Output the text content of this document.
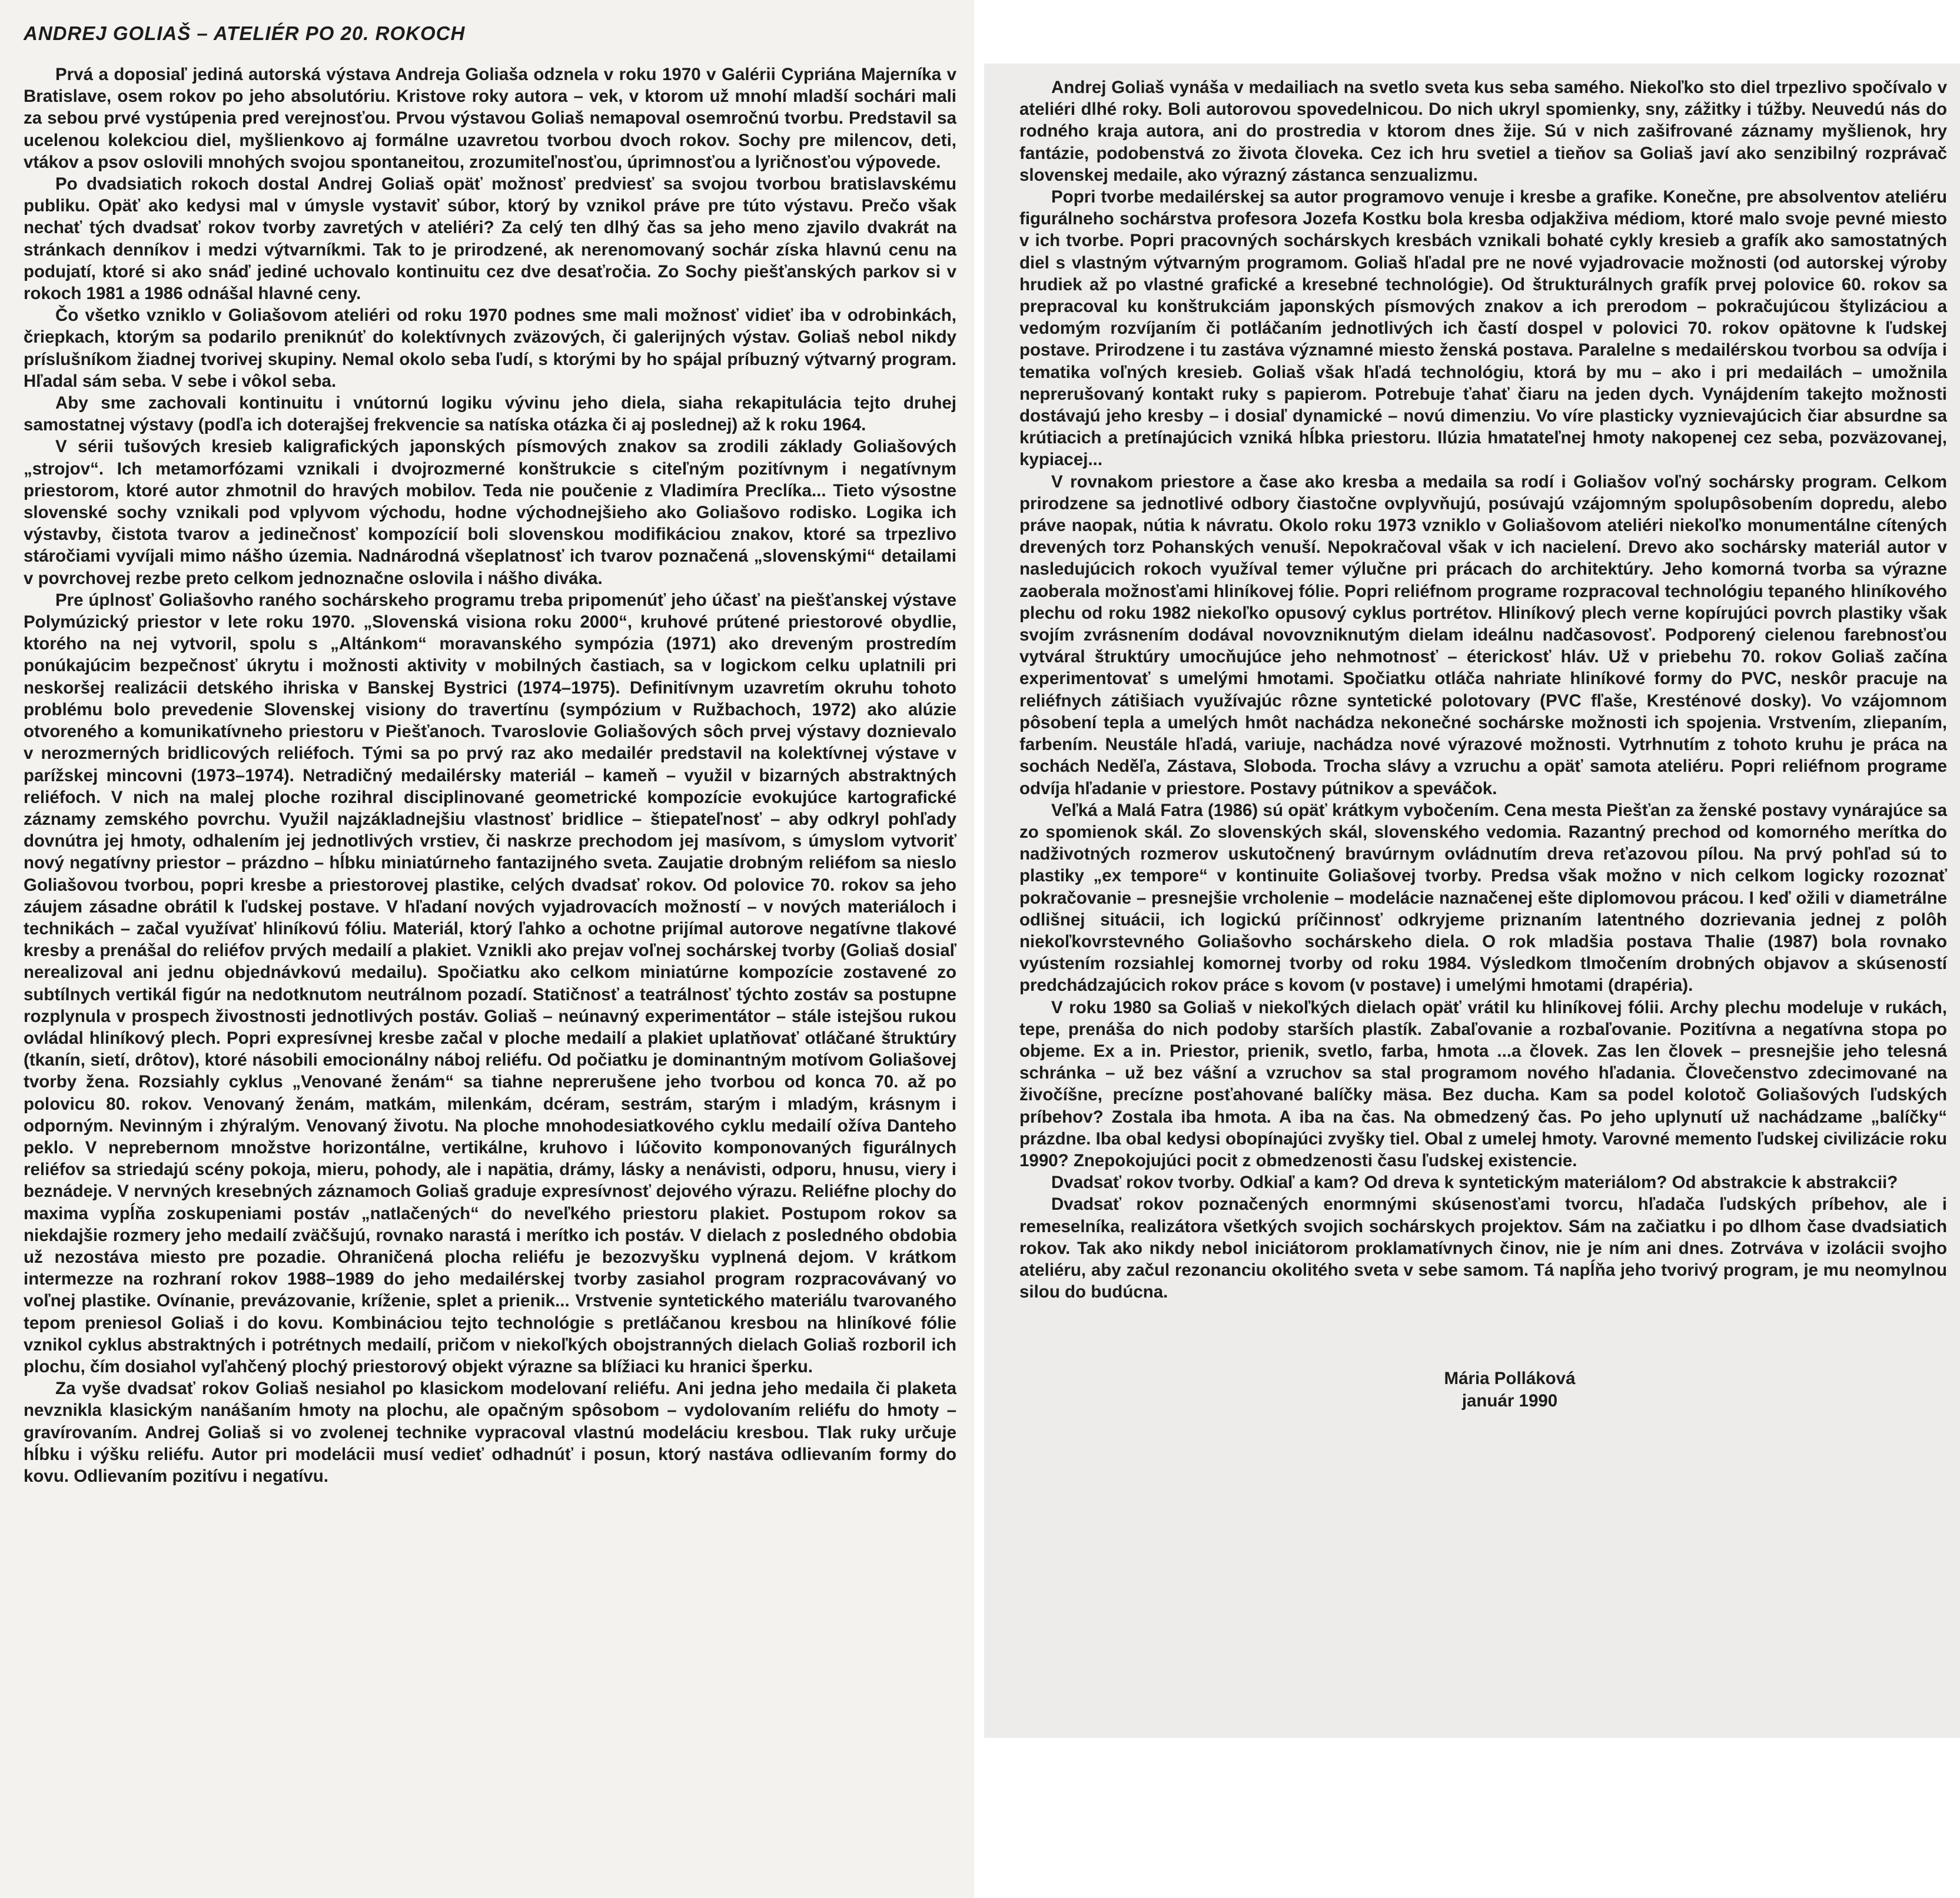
ANDREJ GOLIAŠ – ATELIÉR PO 20. ROKOCH

Prvá a doposiaľ jediná autorská výstava Andreja Goliaša odznela v roku 1970 v Galérii Cypriána Majerníka v Bratislave, osem rokov po jeho absolutóriu. Kristove roky autora – vek, v ktorom už mnohí mladší sochári mali za sebou prvé vystúpenia pred verejnosťou. Prvou výstavou Goliaš nemapoval osemročnú tvorbu. Predstavil sa ucelenou kolekciou diel, myšlienkovo aj formálne uzavretou tvorbou dvoch rokov. Sochy pre milencov, deti, vtákov a psov oslovili mnohých svojou spontaneitou, zrozumiteľnosťou, úprimnosťou a lyričnosťou výpovede.

Po dvadsiatich rokoch dostal Andrej Goliaš opäť možnosť predviesť sa svojou tvorbou bratislavskému publiku. Opäť ako kedysi mal v úmysle vystaviť súbor, ktorý by vznikol práve pre túto výstavu. Prečo však nechať tých dvadsať rokov tvorby zavretých v ateliéri? Za celý ten dlhý čas sa jeho meno zjavilo dvakrát na stránkach denníkov i medzi výtvarníkmi. Tak to je prirodzené, ak nerenomovaný sochár získa hlavnú cenu na podujatí, ktoré si ako snáď jediné uchovalo kontinuitu cez dve desaťročia. Zo Sochy piešťanských parkov si v rokoch 1981 a 1986 odnášal hlavné ceny.

Čo všetko vzniklo v Goliašovom ateliéri od roku 1970 podnes sme mali možnosť vidieť iba v odrobinkách, čriepkach, ktorým sa podarilo preniknúť do kolektívnych zväzových, či galerijných výstav. Goliaš nebol nikdy príslušníkom žiadnej tvorivej skupiny. Nemal okolo seba ľudí, s ktorými by ho spájal príbuzný výtvarný program. Hľadal sám seba. V sebe i vôkol seba.

Aby sme zachovali kontinuitu i vnútornú logiku vývinu jeho diela, siaha rekapitulácia tejto druhej samostatnej výstavy (podľa ich doterajšej frekvencie sa natíska otázka či aj poslednej) až k roku 1964.

V sérii tušových kresieb kaligrafických japonských písmových znakov sa zrodili základy Goliašových „strojov“. Ich metamorfózami vznikali i dvojrozmerné konštrukcie s citeľným pozitívnym i negatívnym priestorom, ktoré autor zhmotnil do hravých mobilov. Teda nie poučenie z Vladimíra Preclíka... Tieto výsostne slovenské sochy vznikali pod vplyvom východu, hodne východnejšieho ako Goliašovo rodisko. Logika ich výstavby, čistota tvarov a jedinečnosť kompozícií boli slovenskou modifikáciou znakov, ktoré sa trpezlivo stáročiami vyvíjali mimo nášho územia. Nadnárodná všeplatnosť ich tvarov poznačená „slovenskými“ detailami v povrchovej rezbe preto celkom jednoznačne oslovila i nášho diváka.

Pre úplnosť Goliašovho raného sochárskeho programu treba pripomenúť jeho účasť na piešťanskej výstave Polymúzický priestor v lete roku 1970. „Slovenská visiona roku 2000“, kruhové prútené priestorové obydlie, ktorého na nej vytvoril, spolu s „Altánkom“ moravanského sympózia (1971) ako dreveným prostredím ponúkajúcim bezpečnosť úkrytu i možnosti aktivity v mobilných častiach, sa v logickom celku uplatnili pri neskoršej realizácii detského ihriska v Banskej Bystrici (1974–1975). Definitívnym uzavretím okruhu tohoto problému bolo prevedenie Slovenskej visiony do travertínu (sympózium v Ružbachoch, 1972) ako alúzie otvoreného a komunikatívneho priestoru v Piešťanoch. Tvaroslovie Goliašových sôch prvej výstavy doznievalo v nerozmerných bridlicových reliéfoch. Tými sa po prvý raz ako medailér predstavil na kolektívnej výstave v parížskej mincovni (1973–1974). Netradičný medailérsky materiál – kameň – využil v bizarných abstraktných reliéfoch. V nich na malej ploche rozihral disciplinované geometrické kompozície evokujúce kartografické záznamy zemského povrchu. Využil najzákladnejšiu vlastnosť bridlice – štiepateľnosť – aby odkryl pohľady dovnútra jej hmoty, odhalením jej jednotlivých vrstiev, či naskrze prechodom jej masívom, s úmyslom vytvoriť nový negatívny priestor – prázdno – hĺbku miniatúrneho fantazijného sveta. Zaujatie drobným reliéfom sa nieslo Goliašovou tvorbou, popri kresbe a priestorovej plastike, celých dvadsať rokov. Od polovice 70. rokov sa jeho záujem zásadne obrátil k ľudskej postave. V hľadaní nových vyjadrovacích možností – v nových materiáloch i technikách – začal využívať hliníkovú fóliu. Materiál, ktorý ľahko a ochotne prijímal autorove negatívne tlakové kresby a prenášal do reliéfov prvých medailí a plakiet. Vznikli ako prejav voľnej sochárskej tvorby (Goliaš dosiaľ nerealizoval ani jednu objednávkovú medailu). Spočiatku ako celkom miniatúrne kompozície zostavené zo subtílnych vertikál figúr na nedotknutom neutrálnom pozadí. Statičnosť a teatrálnosť týchto zostáv sa postupne rozplynula v prospech živostnosti jednotlivých postáv. Goliaš – neúnavný experimentátor – stále istejšou rukou ovládal hliníkový plech. Popri expresívnej kresbe začal v ploche medailí a plakiet uplatňovať otláčané štruktúry (tkanín, sietí, drôtov), ktoré násobili emocionálny náboj reliéfu. Od počiatku je dominantným motívom Goliašovej tvorby žena. Rozsiahly cyklus „Venované ženám“ sa tiahne neprerušene jeho tvorbou od konca 70. až po polovicu 80. rokov. Venovaný ženám, matkám, milenkám, dcéram, sestrám, starým i mladým, krásnym i odporným. Nevinným i zhýralým. Venovaný životu. Na ploche mnohodesiatkového cyklu medailí ožíva Danteho peklo. V neprebernom množstve horizontálne, vertikálne, kruhovo i lúčovito komponovaných figurálnych reliéfov sa striedajú scény pokoja, mieru, pohody, ale i napätia, drámy, lásky a nenávisti, odporu, hnusu, viery i beznádeje. V nervných kresebných záznamoch Goliaš graduje expresívnosť dejového výrazu. Reliéfne plochy do maxima vypĺňa zoskupeniami postáv „natlačených“ do neveľkého priestoru plakiet. Postupom rokov sa niekdajšie rozmery jeho medailí zväčšujú, rovnako narastá i merítko ich postáv. V dielach z posledného obdobia už nezostáva miesto pre pozadie. Ohraničená plocha reliéfu je bezozvyšku vyplnená dejom. V krátkom intermezze na rozhraní rokov 1988–1989 do jeho medailérskej tvorby zasiahol program rozpracovávaný vo voľnej plastike. Ovínanie, prevázovanie, kríženie, splet a prienik... Vrstvenie syntetického materiálu tvarovaného tepom preniesol Goliaš i do kovu. Kombináciou tejto technológie s pretláčanou kresbou na hliníkové fólie vznikol cyklus abstraktných i potrétnych medailí, pričom v niekoľkých obojstranných dielach Goliaš rozboril ich plochu, čím dosiahol vyľahčený plochý priestorový objekt výrazne sa blížiaci ku hranici šperku.

Za vyše dvadsať rokov Goliaš nesiahol po klasickom modelovaní reliéfu. Ani jedna jeho medaila či plaketa nevznikla klasickým nanášaním hmoty na plochu, ale opačným spôsobom – vydolovaním reliéfu do hmoty – gravírovaním. Andrej Goliaš si vo zvolenej technike vypracoval vlastnú modeláciu kresbou. Tlak ruky určuje hĺbku i výšku reliéfu. Autor pri modelácii musí vedieť odhadnúť i posun, ktorý nastáva odlievaním formy do kovu. Odlievaním pozitívu i negatívu.

Andrej Goliaš vynáša v medailiach na svetlo sveta kus seba samého. Niekoľko sto diel trpezlivo spočívalo v ateliéri dlhé roky. Boli autorovou spovedelnicou. Do nich ukryl spomienky, sny, zážitky i túžby. Neuvedú nás do rodného kraja autora, ani do prostredia v ktorom dnes žije. Sú v nich zašifrované záznamy myšlienok, hry fantázie, podobenstvá zo života človeka. Cez ich hru svetiel a tieňov sa Goliaš javí ako senzibilný rozprávač slovenskej medaile, ako výrazný zástanca senzualizmu.

Popri tvorbe medailérskej sa autor programovo venuje i kresbe a grafike. Konečne, pre absolventov ateliéru figurálneho sochárstva profesora Jozefa Kostku bola kresba odjakživa médiom, ktoré malo svoje pevné miesto v ich tvorbe. Popri pracovných sochárskych kresbách vznikali bohaté cykly kresieb a grafík ako samostatných diel s vlastným výtvarným programom. Goliaš hľadal pre ne nové vyjadrovacie možnosti (od autorskej výroby hrudiek až po vlastné grafické a kresebné technológie). Od štrukturálnych grafík prvej polovice 60. rokov sa prepracoval ku konštrukciám japonských písmových znakov a ich prerodom – pokračujúcou štylizáciou a vedomým rozvíjaním či potláčaním jednotlivých ich častí dospel v polovici 70. rokov opätovne k ľudskej postave. Prirodzene i tu zastáva významné miesto ženská postava. Paralelne s medailérskou tvorbou sa odvíja i tematika voľných kresieb. Goliaš však hľadá technológiu, ktorá by mu – ako i pri medailách – umožnila neprerušovaný kontakt ruky s papierom. Potrebuje ťahať čiaru na jeden dych. Vynájdením takejto možnosti dostávajú jeho kresby – i dosiaľ dynamické – novú dimenziu. Vo víre plasticky vyznievajúcich čiar absurdne sa krútiacich a pretínajúcich vzniká hĺbka priestoru. Ilúzia hmatateľnej hmoty nakopenej cez seba, pozväzovanej, kypiacej...

V rovnakom priestore a čase ako kresba a medaila sa rodí i Goliašov voľný sochársky program. Celkom prirodzene sa jednotlivé odbory čiastočne ovplyvňujú, posúvajú vzájomným spolupôsobením dopredu, alebo práve naopak, nútia k návratu. Okolo roku 1973 vzniklo v Goliašovom ateliéri niekoľko monumentálne cítených drevených torz Pohanských venuší. Nepokračoval však v ich nacielení. Drevo ako sochársky materiál autor v nasledujúcich rokoch využíval temer výlučne pri prácach do architektúry. Jeho komorná tvorba sa výrazne zaoberala možnosťami hliníkovej fólie. Popri reliéfnom programe rozpracoval technológiu tepaného hliníkového plechu od roku 1982 niekoľko opusový cyklus portrétov. Hliníkový plech verne kopírujúci povrch plastiky však svojím zvrásnením dodával novovzniknutým dielam ideálnu nadčasovosť. Podporený cielenou farebnosťou vytváral štruktúry umocňujúce jeho nehmotnosť – éterickosť hláv. Už v priebehu 70. rokov Goliaš začína experimentovať s umelými hmotami. Spočiatku otláča nahriate hliníkové formy do PVC, neskôr pracuje na reliéfnych zátišiach využívajúc rôzne syntetické polotovary (PVC fľaše, Kresténové dosky). Vo vzájomnom pôsobení tepla a umelých hmôt nachádza nekonečné sochárske možnosti ich spojenia. Vrstvením, zliepaním, farbením. Neustále hľadá, variuje, nachádza nové výrazové možnosti. Vytrhnutím z tohoto kruhu je práca na sochách Neděľa, Zástava, Sloboda. Trocha slávy a vzruchu a opäť samota ateliéru. Popri reliéfnom programe odvíja hľadanie v priestore. Postavy pútnikov a speváčok.

Veľká a Malá Fatra (1986) sú opäť krátkym vybočením. Cena mesta Piešťan za ženské postavy vynárajúce sa zo spomienok skál. Zo slovenských skál, slovenského vedomia. Razantný prechod od komorného merítka do nadživotných rozmerov uskutočnený bravúrnym ovládnutím dreva reťazovou pílou. Na prvý pohľad sú to plastiky „ex tempore“ v kontinuite Goliašovej tvorby. Predsa však možno v nich celkom logicky rozoznať pokračovanie – presnejšie vrcholenie – modelácie naznačenej ešte diplomovou prácou. I keď ožili v diametrálne odlišnej situácii, ich logickú príčinnosť odkryjeme priznaním latentného dozrievania jednej z polôh niekoľkovrstevného Goliašovho sochárskeho diela. O rok mladšia postava Thalie (1987) bola rovnako vyústením rozsiahlej komornej tvorby od roku 1984. Výsledkom tlmočením drobných objavov a skúseností predchádzajúcich rokov práce s kovom (v postave) i umelými hmotami (drapéria).

V roku 1980 sa Goliaš v niekoľkých dielach opäť vrátil ku hliníkovej fólii. Archy plechu modeluje v rukách, tepe, prenáša do nich podoby starších plastík. Zabaľovanie a rozbaľovanie. Pozitívna a negatívna stopa po objeme. Ex a in. Priestor, prienik, svetlo, farba, hmota ...a človek. Zas len človek – presnejšie jeho telesná schránka – už bez vášní a vzruchov sa stal programom nového hľadania. Človečenstvo zdecimované na živočíšne, precízne posťahované balíčky mäsa. Bez ducha. Kam sa podel kolotoč Goliašových ľudských príbehov? Zostala iba hmota. A iba na čas. Na obmedzený čas. Po jeho uplynutí už nachádzame „balíčky“ prázdne. Iba obal kedysi obopínajúci zvyšky tiel. Obal z umelej hmoty. Varovné memento ľudskej civilizácie roku 1990? Znepokojujúci pocit z obmedzenosti času ľudskej existencie.

Dvadsať rokov tvorby. Odkiaľ a kam? Od dreva k syntetickým materiálom? Od abstrakcie k abstrakcii?

Dvadsať rokov poznačených enormnými skúsenosťami tvorcu, hľadača ľudských príbehov, ale i remeselníka, realizátora všetkých svojich sochárskych projektov. Sám na začiatku i po dlhom čase dvadsiatich rokov. Tak ako nikdy nebol iniciátorom proklamatívnych činov, nie je ním ani dnes. Zotrváva v izolácii svojho ateliéru, aby začul rezonanciu okolitého sveta v sebe samom. Tá napĺňa jeho tvorivý program, je mu neomylnou silou do budúcna.

Mária Polláková
január 1990
